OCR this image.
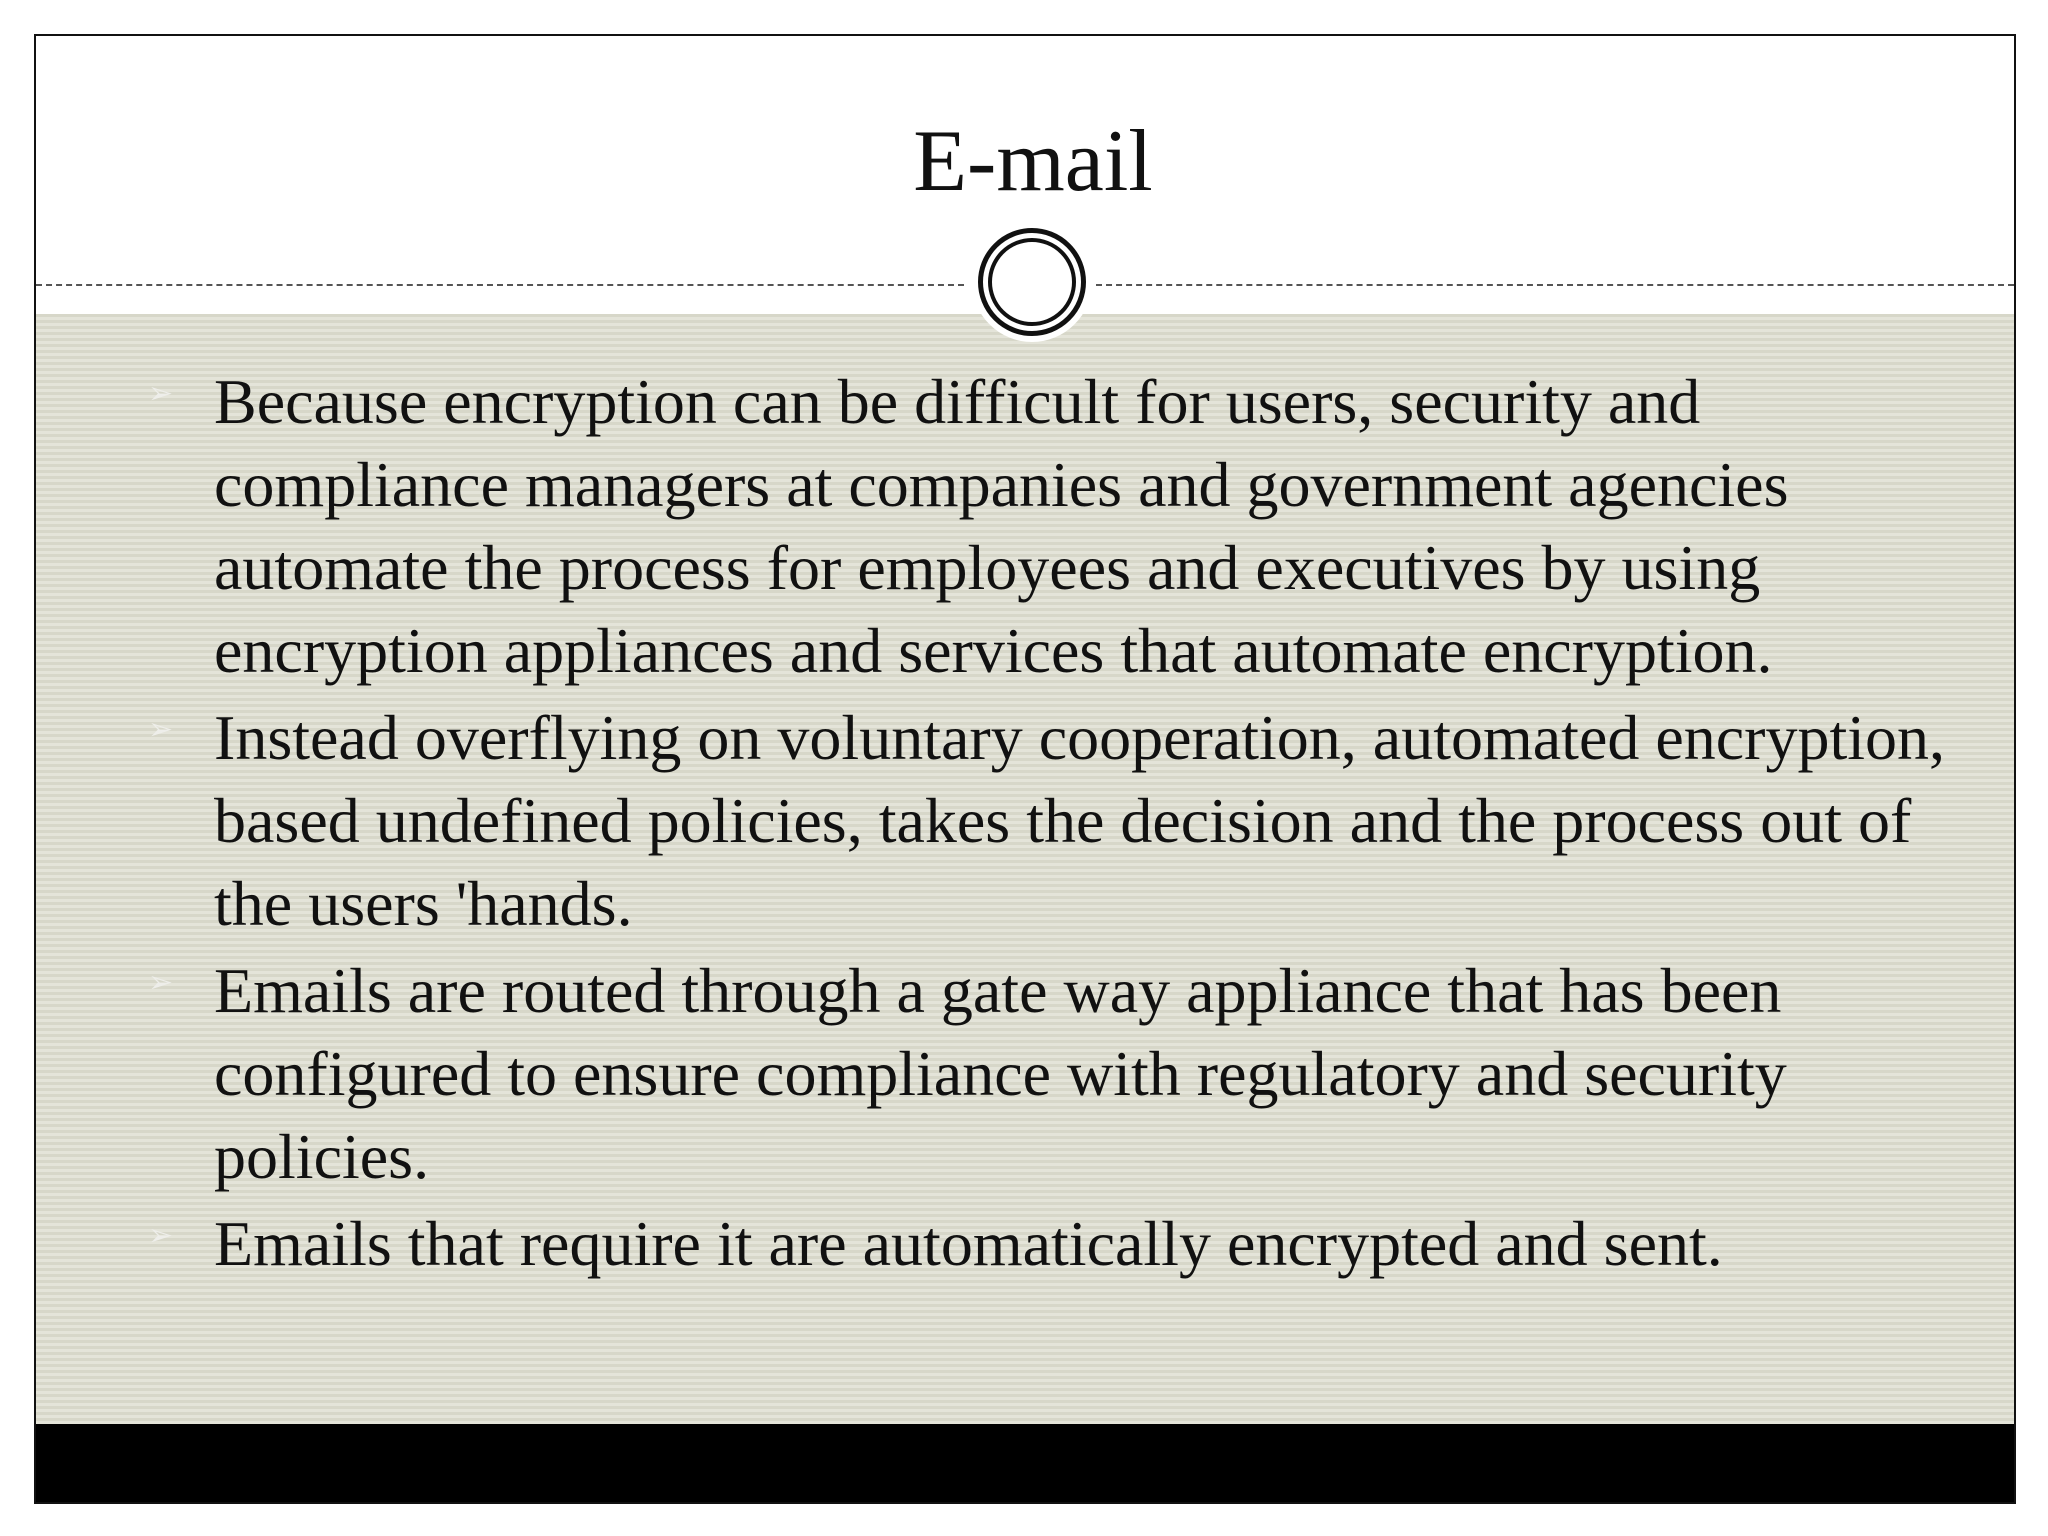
E-mail
➢ Because encryption can be difficult for users, security and compliance managers at companies and government agencies automate the process for employees and executives by using encryption appliances and services that automate encryption.
➢ Instead overflying on voluntary cooperation, automated encryption, based undefined policies, takes the decision and the process out of the users 'hands.
➢ Emails are routed through a gate way appliance that has been configured to ensure compliance with regulatory and security policies.
➢ Emails that require it are automatically encrypted and sent.
